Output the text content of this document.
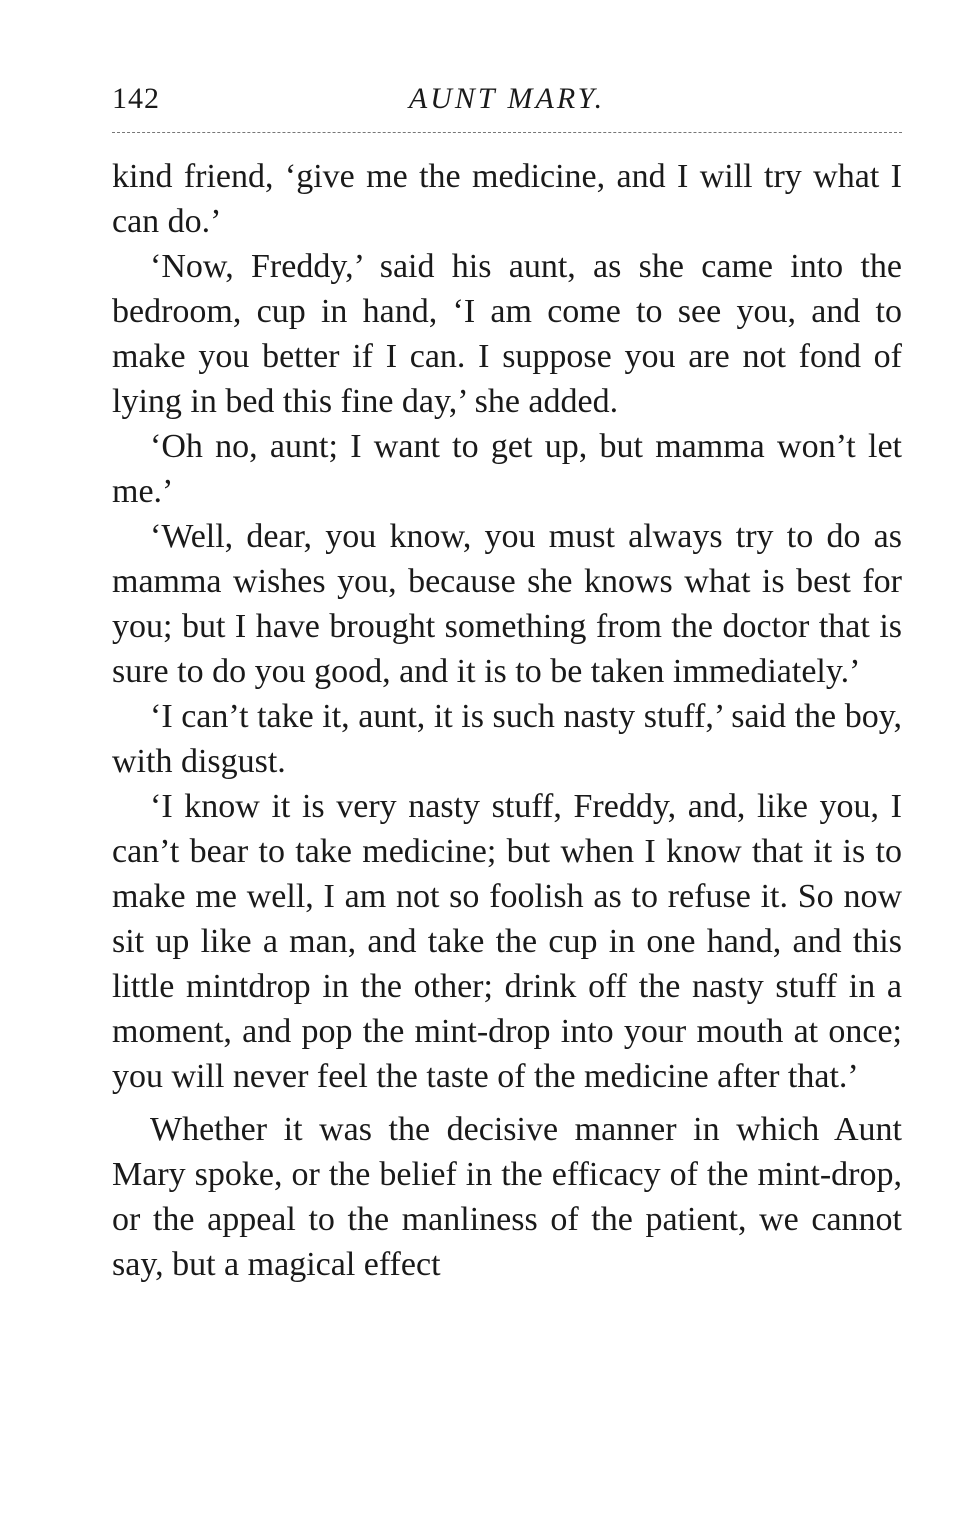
142	AUNT MARY.

kind friend, ‘give me the medicine, and I will try what I can do.’

‘Now, Freddy,’ said his aunt, as she came into the bedroom, cup in hand, ‘I am come to see you, and to make you better if I can. I suppose you are not fond of lying in bed this fine day,’ she added.

‘Oh no, aunt; I want to get up, but mamma won’t let me.’

‘Well, dear, you know, you must always try to do as mamma wishes you, because she knows what is best for you; but I have brought something from the doctor that is sure to do you good, and it is to be taken immediately.’

‘I can’t take it, aunt, it is such nasty stuff,’ said the boy, with disgust.

‘I know it is very nasty stuff, Freddy, and, like you, I can’t bear to take medicine; but when I know that it is to make me well, I am not so foolish as to refuse it. So now sit up like a man, and take the cup in one hand, and this little mintdrop in the other; drink off the nasty stuff in a moment, and pop the mint-drop into your mouth at once; you will never feel the taste of the medicine after that.’

Whether it was the decisive manner in which Aunt Mary spoke, or the belief in the efficacy of the mint-drop, or the appeal to the manliness of the patient, we cannot say, but a magical effect
